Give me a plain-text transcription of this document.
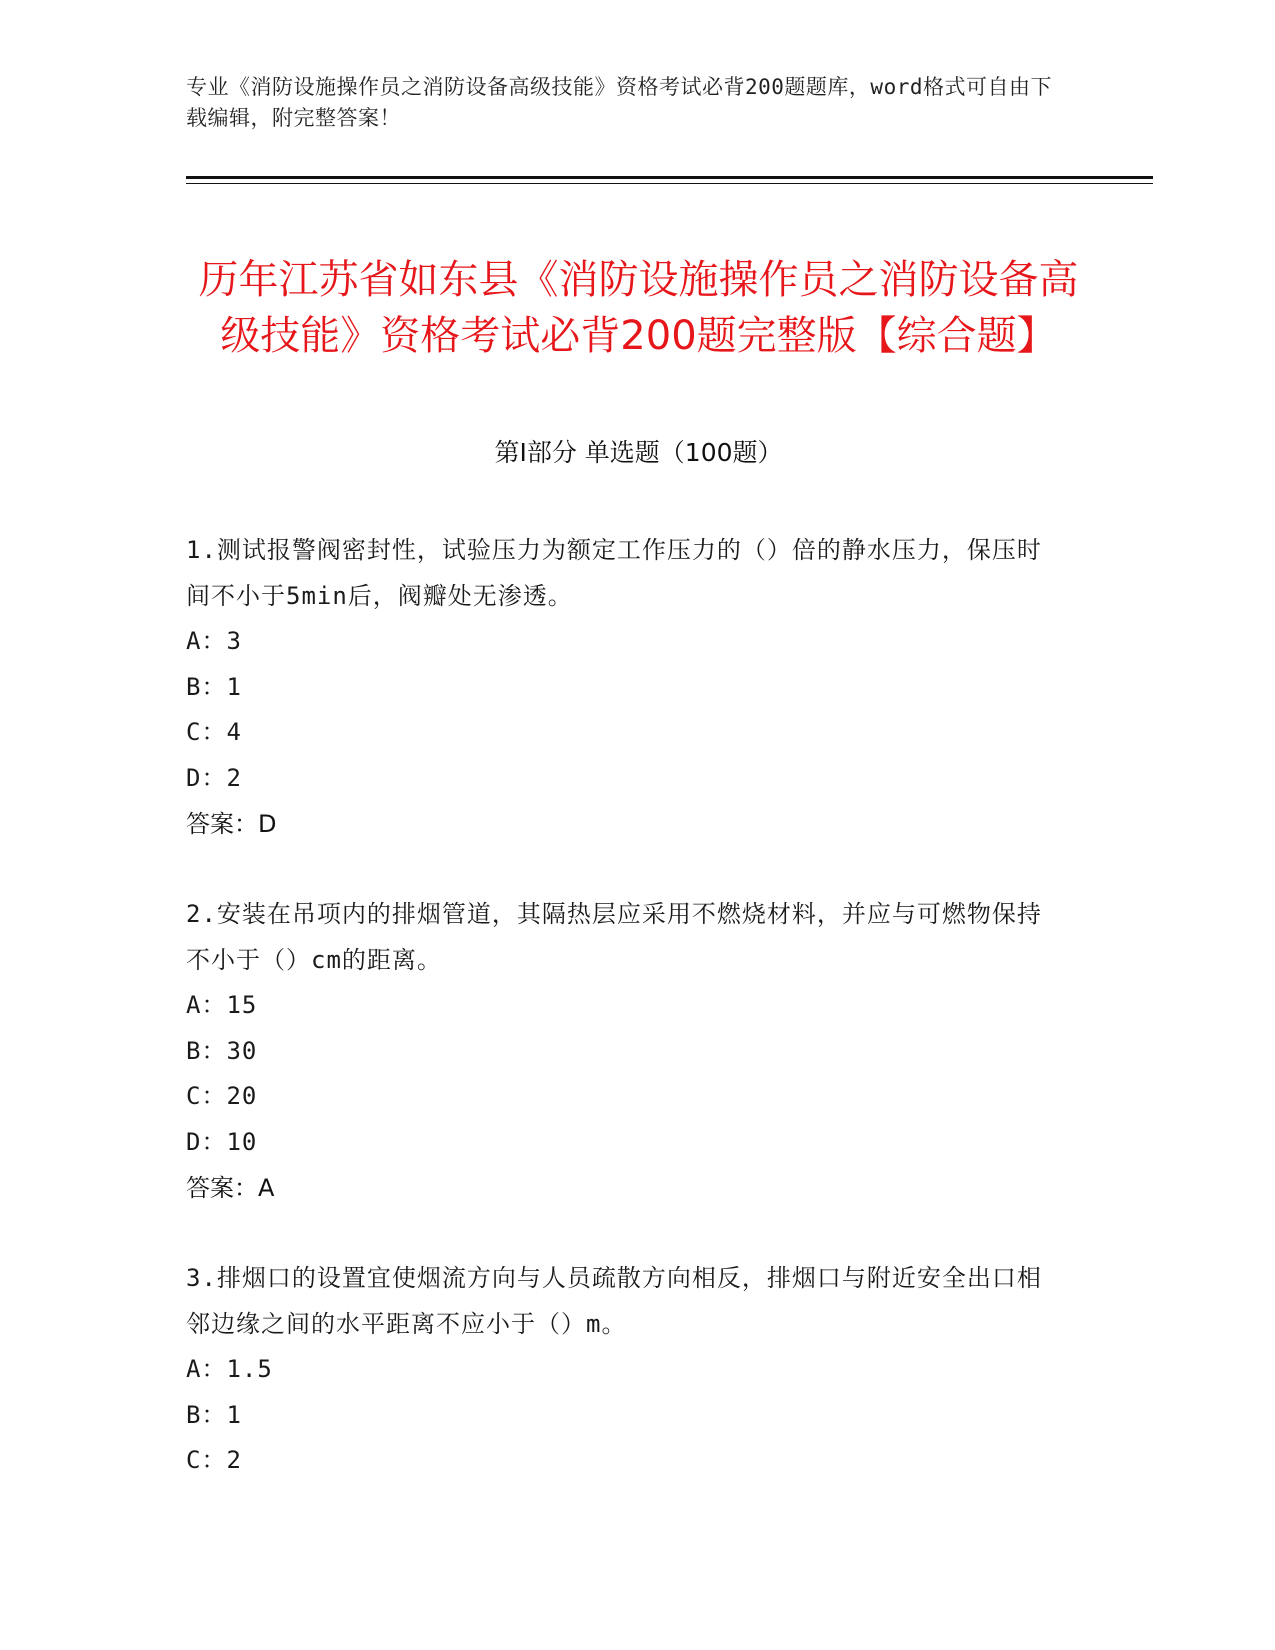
专业《消防设施操作员之消防设备高级技能》资格考试必背200题题库，word格式可自由下载编辑，附完整答案！
历年江苏省如东县《消防设施操作员之消防设备高级技能》资格考试必背200题完整版【综合题】
第I部分 单选题（100题）
1.测试报警阀密封性，试验压力为额定工作压力的（）倍的静水压力，保压时间不小于5min后，阀瓣处无渗透。
A：3
B：1
C：4
D：2
答案：D
2.安装在吊项内的排烟管道，其隔热层应采用不燃烧材料，并应与可燃物保持不小于（）cm的距离。
A：15
B：30
C：20
D：10
答案：A
3.排烟口的设置宜使烟流方向与人员疏散方向相反，排烟口与附近安全出口相邻边缘之间的水平距离不应小于（）m。
A：1.5
B：1
C：2
